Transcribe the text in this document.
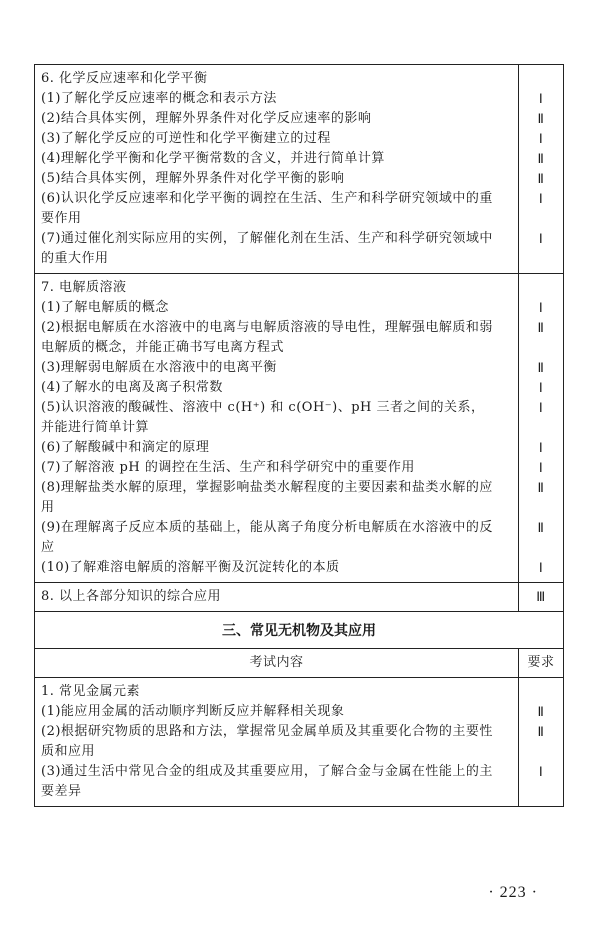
6. 化学反应速率和化学平衡
(1)了解化学反应速率的概念和表示方法
(2)结合具体实例，理解外界条件对化学反应速率的影响
(3)了解化学反应的可逆性和化学平衡建立的过程
(4)理解化学平衡和化学平衡常数的含义，并进行简单计算
(5)结合具体实例，理解外界条件对化学平衡的影响
(6)认识化学反应速率和化学平衡的调控在生活、生产和科学研究领域中的重要作用
(7)通过催化剂实际应用的实例，了解催化剂在生活、生产和科学研究领域中的重大作用
Ⅰ
Ⅱ
Ⅰ
Ⅱ
Ⅱ
Ⅰ
Ⅰ
7. 电解质溶液
(1)了解电解质的概念
(2)根据电解质在水溶液中的电离与电解质溶液的导电性，理解强电解质和弱电解质的概念，并能正确书写电离方程式
(3)理解弱电解质在水溶液中的电离平衡
(4)了解水的电离及离子积常数
(5)认识溶液的酸碱性、溶液中 c(H⁺) 和 c(OH⁻)、pH 三者之间的关系，并能进行简单计算
(6)了解酸碱中和滴定的原理
(7)了解溶液 pH 的调控在生活、生产和科学研究中的重要作用
(8)理解盐类水解的原理，掌握影响盐类水解程度的主要因素和盐类水解的应用
(9)在理解离子反应本质的基础上，能从离子角度分析电解质在水溶液中的反应
(10)了解难溶电解质的溶解平衡及沉淀转化的本质
Ⅰ
Ⅱ
Ⅱ
Ⅰ
Ⅰ
Ⅰ
Ⅰ
Ⅱ
Ⅱ
Ⅰ
8. 以上各部分知识的综合应用	Ⅲ
三、常见无机物及其应用
考试内容	要求
1. 常见金属元素
(1)能应用金属的活动顺序判断反应并解释相关现象
(2)根据研究物质的思路和方法，掌握常见金属单质及其重要化合物的主要性质和应用
(3)通过生活中常见合金的组成及其重要应用，了解合金与金属在性能上的主要差异
Ⅱ
Ⅱ
Ⅰ
· 223 ·
